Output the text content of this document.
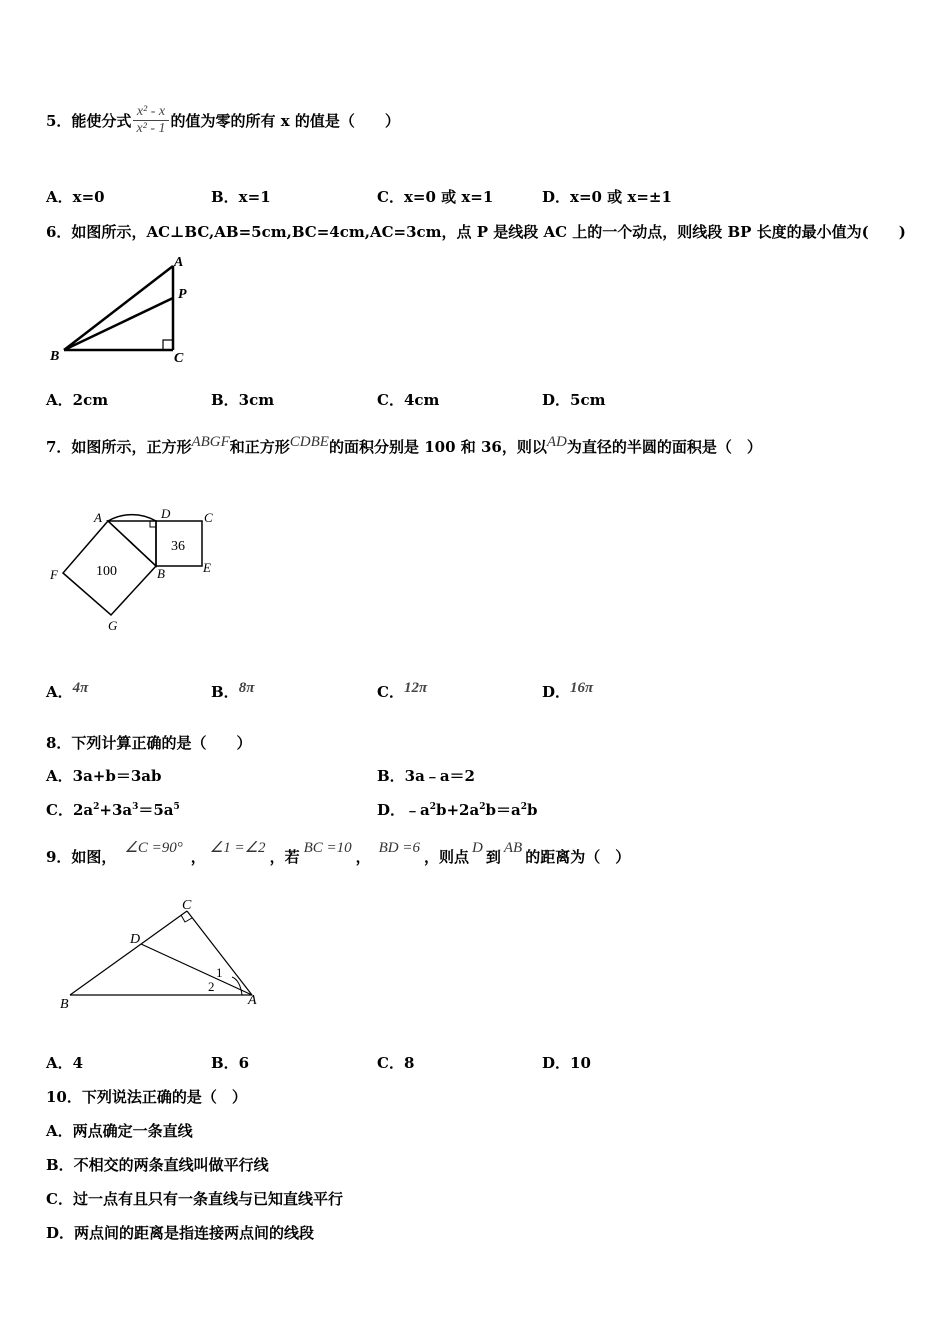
5．能使分式 $\frac{\text{x² - x}}{\text{x² - 1}}$ 的值为零的所有 x 的值是（　　）
A．x=0	B．x=1	C．x=0 或 x=1	D．x=0 或 x=±1
6．如图所示，AC⊥BC,AB=5cm,BC=4cm,AC=3cm，点 P 是线段 AC 上的一个动点，则线段 BP 长度的最小值为(　　)
A
P
B	C
A．2cm	B．3cm	C．4cm	D．5cm
7．如图所示，正方形ABGF和正方形CDBE的面积分别是 100 和 36，则以AD为直径的半圆的面积是（　）
A	D	C
F	B	E
G
100
36
A．4π	B．8π	C．12π	D．16π
8．下列计算正确的是（　　）
A．3a+b＝3ab	B．3a﹣a＝2
C．$2a^2+3a^3=5a^5$	D．$﹣a^2b+2a^2b=a^2b$
9．如图， ∠C =90° ， ∠1 =∠2 ，若 BC =10 ， BD =6 ，则点 D 到 AB 的距离为（　）
C
D
B	A
1
2
A．4	B．6	C．8	D．10
10．下列说法正确的是（　）
A．两点确定一条直线
B．不相交的两条直线叫做平行线
C．过一点有且只有一条直线与已知直线平行
D．两点间的距离是指连接两点间的线段
